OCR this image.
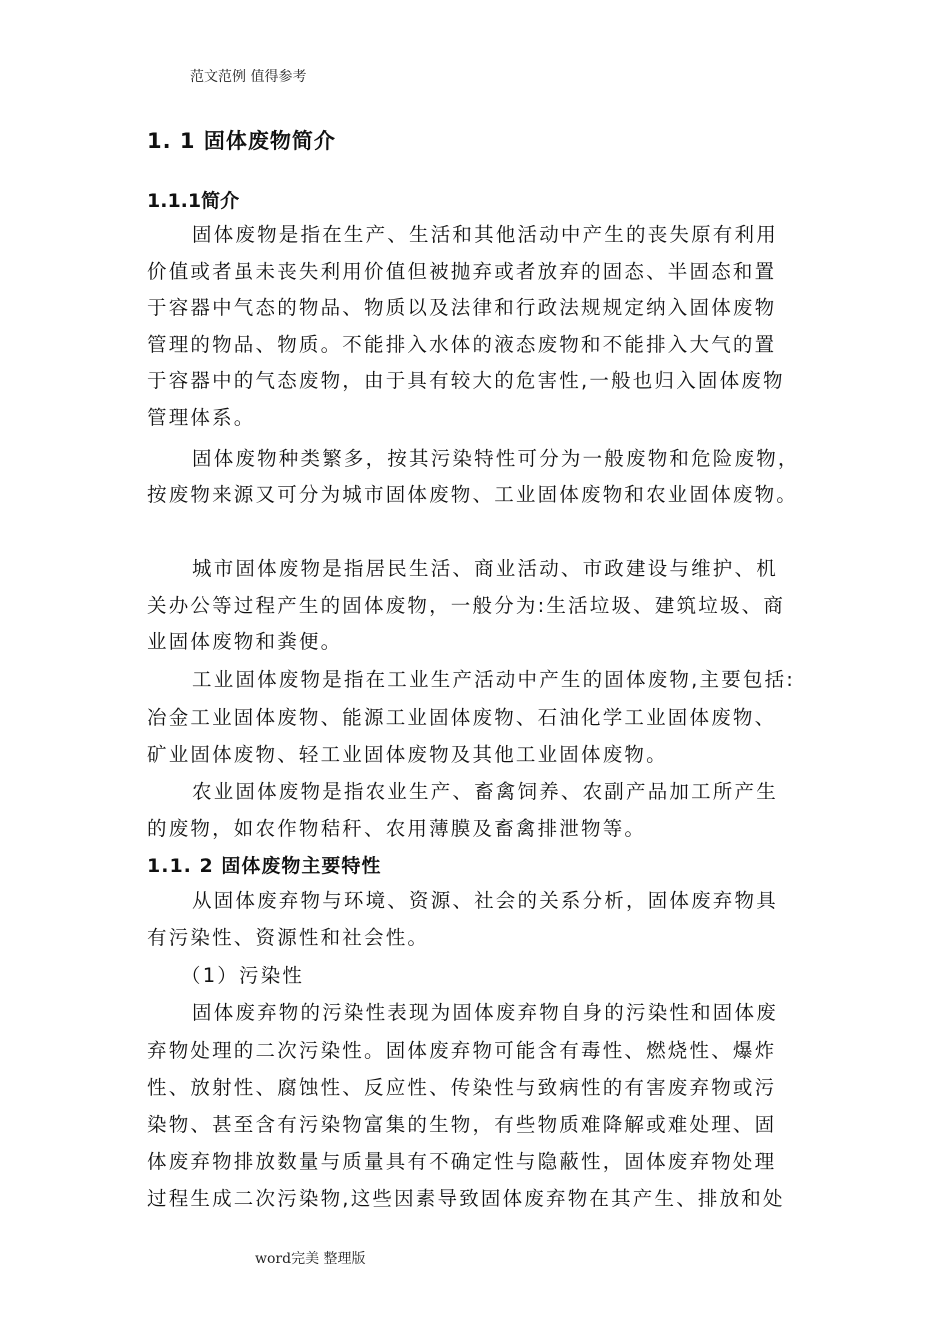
范文范例 值得参考
1. 1 固体废物简介
1.1.1简介
固体废物是指在生产、生活和其他活动中产生的丧失原有利用
价值或者虽未丧失利用价值但被抛弃或者放弃的固态、半固态和置
于容器中气态的物品、物质以及法律和行政法规规定纳入固体废物
管理的物品、物质。不能排入水体的液态废物和不能排入大气的置
于容器中的气态废物，由于具有较大的危害性,一般也归入固体废物
管理体系。
固体废物种类繁多，按其污染特性可分为一般废物和危险废物，
按废物来源又可分为城市固体废物、工业固体废物和农业固体废物。
城市固体废物是指居民生活、商业活动、市政建设与维护、机
关办公等过程产生的固体废物，一般分为:生活垃圾、建筑垃圾、商
业固体废物和粪便。
工业固体废物是指在工业生产活动中产生的固体废物,主要包括:
冶金工业固体废物、能源工业固体废物、石油化学工业固体废物、
矿业固体废物、轻工业固体废物及其他工业固体废物。
农业固体废物是指农业生产、畜禽饲养、农副产品加工所产生
的废物，如农作物秸秆、农用薄膜及畜禽排泄物等。
1.1. 2 固体废物主要特性
从固体废弃物与环境、资源、社会的关系分析，固体废弃物具
有污染性、资源性和社会性。
（1）污染性
固体废弃物的污染性表现为固体废弃物自身的污染性和固体废
弃物处理的二次污染性。固体废弃物可能含有毒性、燃烧性、爆炸
性、放射性、腐蚀性、反应性、传染性与致病性的有害废弃物或污
染物、甚至含有污染物富集的生物，有些物质难降解或难处理、固
体废弃物排放数量与质量具有不确定性与隐蔽性，固体废弃物处理
过程生成二次污染物,这些因素导致固体废弃物在其产生、排放和处
word完美 整理版
